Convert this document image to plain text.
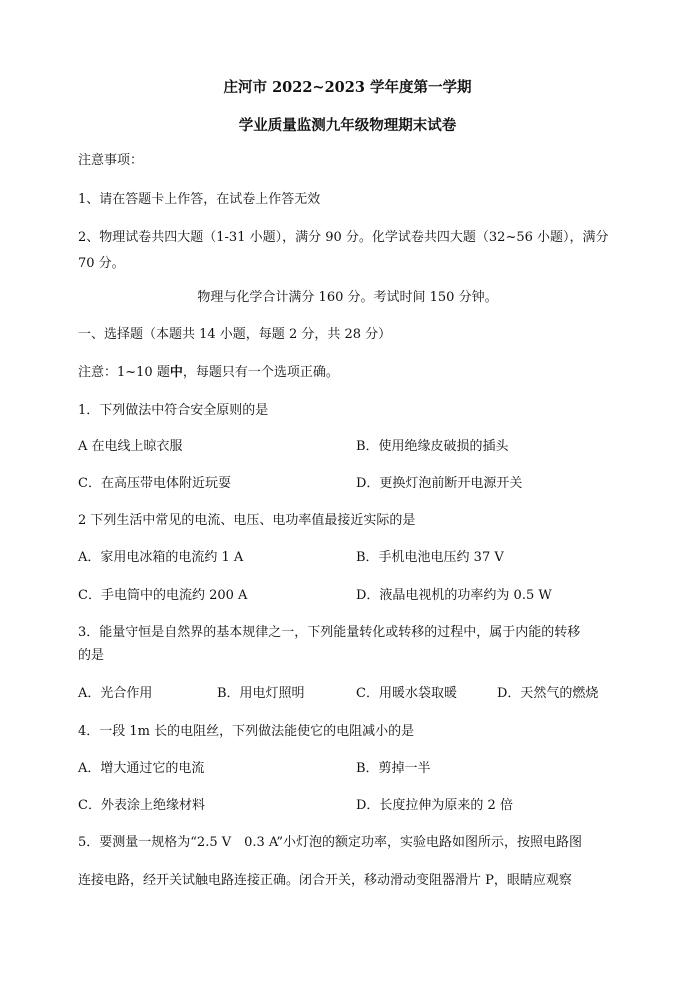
庄河市 2022~2023 学年度第一学期
学业质量监测九年级物理期末试卷
注意事项：
1、请在答题卡上作答，在试卷上作答无效
2、物理试卷共四大题（1-31 小题），满分 90 分。化学试卷共四大题（32~56 小题），满分
70 分。
物理与化学合计满分 160 分。考试时间 150 分钟。
一、选择题（本题共 14 小题，每题 2 分，共 28 分）
注意：1~10 题中，每题只有一个选项正确。
1．下列做法中符合安全原则的是
A 在电线上晾衣服	B．使用绝缘皮破损的插头
C．在高压带电体附近玩耍	D．更换灯泡前断开电源开关
2 下列生活中常见的电流、电压、电功率值最接近实际的是
A．家用电冰箱的电流约 1 A	B．手机电池电压约 37 V
C．手电筒中的电流约 200 A	D．液晶电视机的功率约为 0.5 W
3．能量守恒是自然界的基本规律之一，下列能量转化或转移的过程中，属于内能的转移
的是
A．光合作用	B．用电灯照明	C．用暖水袋取暖	D．天然气的燃烧
4．一段 1m 长的电阻丝，下列做法能使它的电阻减小的是
A．增大通过它的电流	B．剪掉一半
C．外表涂上绝缘材料	D．长度拉伸为原来的 2 倍
5．要测量一规格为“2.5 V　0.3 A”小灯泡的额定功率，实验电路如图所示，按照电路图
连接电路，经开关试触电路连接正确。闭合开关，移动滑动变阻器滑片 P，眼睛应观察
